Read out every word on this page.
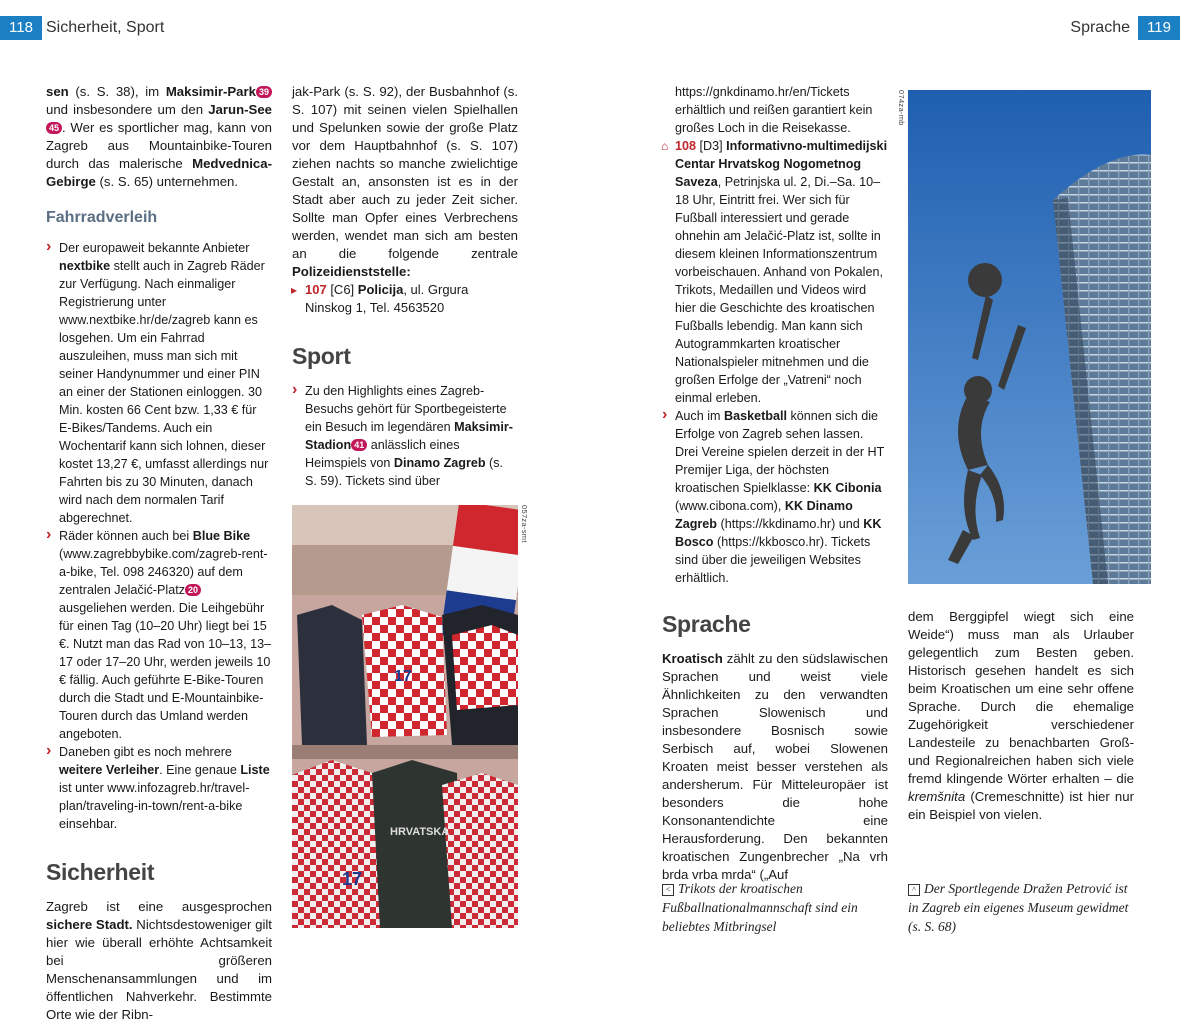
118 Sicherheit, Sport	Sprache	119
sen (s. S. 38), im Maksimir-Park 39 und insbesondere um den Jarun-See45 . Wer es sportlicher mag, kann von Zagreb aus Mountainbike-Touren durch das malerische Medvednica-Gebirge (s. S. 65) unternehmen.
Fahrradverleih
› Der europaweit bekannte Anbieter nextbike stellt auch in Zagreb Räder zur Verfügung. Nach einmaliger Registrierung unter www.nextbike.hr/de/zagreb kann es losgehen. Um ein Fahrrad auszuleihen, muss man sich mit seiner Handynummer und einer PIN an einer der Stationen einloggen. 30 Min. kosten 66 Cent bzw. 1,33 € für E-Bikes/Tandems. Auch ein Wochentarif kann sich lohnen, dieser kostet 13,27 €, umfasst allerdings nur Fahrten bis zu 30 Minuten, danach wird nach dem normalen Tarif abgerechnet.
› Räder können auch bei Blue Bike (www.zagrebbybike.com/zagreb-rent-a-bike, Tel. 098 246320) auf dem zentralen Jelačić-Platz 20 ausgeliehen werden. Die Leihgebühr für einen Tag (10–20 Uhr) liegt bei 15 €. Nutzt man das Rad von 10–13, 13–17 oder 17–20 Uhr, werden jeweils 10 € fällig. Auch geführte E-Bike-Touren durch die Stadt und E-Mountainbike-Touren durch das Umland werden angeboten.
› Daneben gibt es noch mehrere weitere Verleiher. Eine genaue Liste ist unter www.infozagreb.hr/travel-plan/traveling-in-town/rent-a-bike einsehbar.
Sicherheit
Zagreb ist eine ausgesprochen sichere Stadt. Nichtsdestoweniger gilt hier wie überall erhöhte Achtsamkeit bei größeren Menschenansammlungen und im öffentlichen Nahverkehr. Bestimmte Orte wie der Ribn-
jak-Park (s. S. 92), der Busbahnhof (s. S. 107) mit seinen vielen Spielhallen und Spelunken sowie der große Platz vor dem Hauptbahnhof (s. S. 107) ziehen nachts so manche zwielichtige Gestalt an, ansonsten ist es in der Stadt aber auch zu jeder Zeit sicher. Sollte man Opfer eines Verbrechens werden, wendet man sich am besten an die folgende zentrale Polizeidienststelle:
▸ 107 [C6] Policija, ul. Grgura Ninskog 1, Tel. 4563520
Sport
› Zu den Highlights eines Zagreb-Besuchs gehört für Sportbegeisterte ein Besuch im legendären Maksimir-Stadion 41 anlässlich eines Heimspiels von Dinamo Zagreb (s. S. 59). Tickets sind über
17
17
HRVATSKA
057za-smt
https://gnkdinamo.hr/en/Tickets erhältlich und reißen garantiert kein großes Loch in die Reisekasse.
⌂ 108 [D3] Informativno-multimedijski Centar Hrvatskog Nogometnog Saveza, Petrinjska ul. 2, Di.–Sa. 10–18 Uhr, Eintritt frei. Wer sich für Fußball interessiert und gerade ohnehin am Jelačić-Platz ist, sollte in diesem kleinen Informationszentrum vorbeischauen. Anhand von Pokalen, Trikots, Medaillen und Videos wird hier die Geschichte des kroatischen Fußballs lebendig. Man kann sich Autogrammkarten kroatischer Nationalspieler mitnehmen und die großen Erfolge der „Vatreni“ noch einmal erleben.
› Auch im Basketball können sich die Erfolge von Zagreb sehen lassen. Drei Vereine spielen derzeit in der HT Premijer Liga, der höchsten kroatischen Spielklasse: KK Cibonia (www.cibona.com), KK Dinamo Zagreb (https://kkdinamo.hr) und KK Bosco (https://kkbosco.hr). Tickets sind über die jeweiligen Websites erhältlich.
Sprache
Kroatisch zählt zu den südslawischen Sprachen und weist viele Ähnlichkeiten zu den verwandten Sprachen Slowenisch und insbesondere Bosnisch sowie Serbisch auf, wobei Slowenen Kroaten meist besser verstehen als andersherum. Für Mitteleuropäer ist besonders die hohe Konsonantendichte eine Herausforderung. Den bekannten kroatischen Zungenbrecher „Na vrh brda vrba mrda“ („Auf
074za-mb
dem Berggipfel wiegt sich eine Weide“) muss man als Urlauber gelegentlich zum Besten geben. Historisch gesehen handelt es sich beim Kroatischen um eine sehr offene Sprache. Durch die ehemalige Zugehörigkeit verschiedener Landesteile zu benachbarten Groß- und Regionalreichen haben sich viele fremd klingende Wörter erhalten – die kremšnita (Cremeschnitte) ist hier nur ein Beispiel von vielen.
< Trikots der kroatischen Fußballnationalmannschaft sind ein beliebtes Mitbringsel
^ Der Sportlegende Dražen Petrović ist in Zagreb ein eigenes Museum gewidmet (s. S. 68)
